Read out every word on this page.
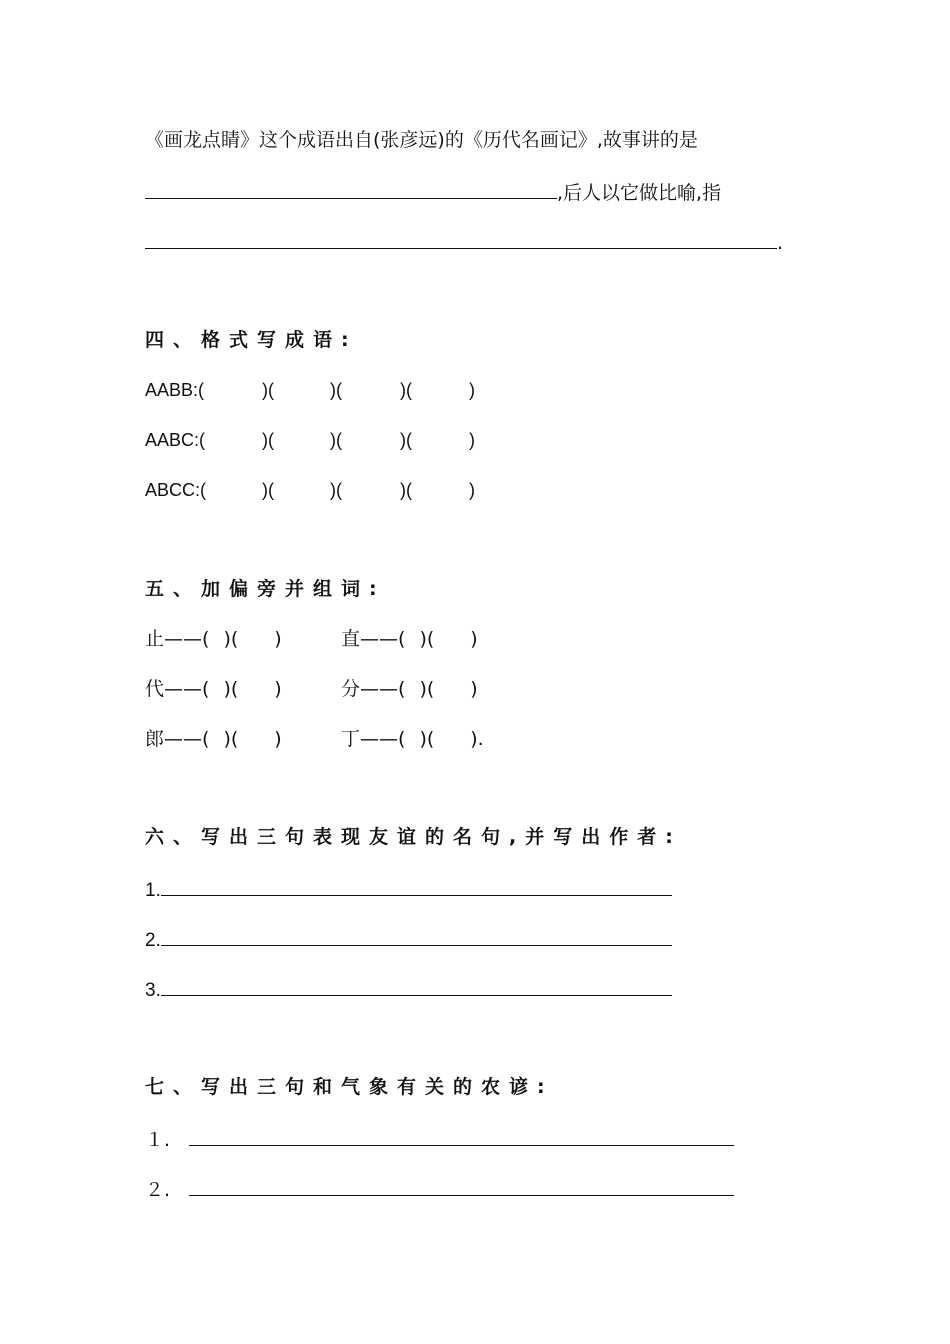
《画龙点睛》这个成语出自(张彦远)的《历代名画记》,故事讲的是
,后人以它做比喻,指
.
四、格式写成语:
AABB:(	)(	)(	)(	)
AABC:(	)(	)(	)(	)
ABCC:(	)(	)(	)(	)
五、加偏旁并组词:
止——( )( )	直——( )( )
代——( )( )	分——( )( )
郎——( )( )	丁——( )( ).
六、写出三句表现友谊的名句,并写出作者:
1.
2.
3.
七、写出三句和气象有关的农谚:
１.
２.
